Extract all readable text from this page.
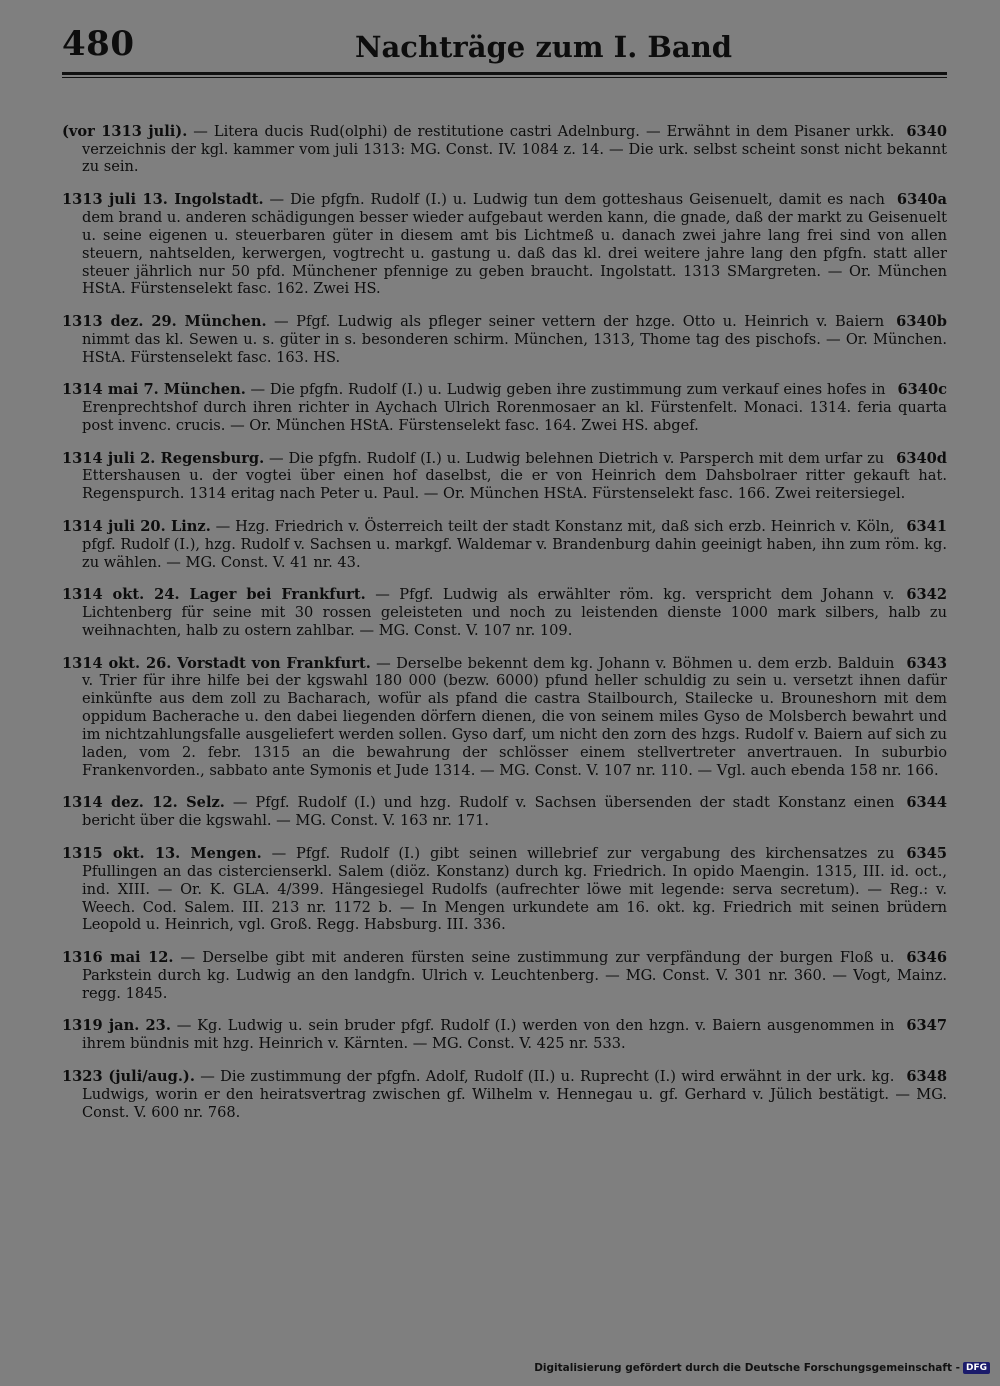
480	Nachträge zum I. Band

6340
(vor 1313 juli). — Litera ducis Rud(olphi) de restitutione castri Adelnburg. — Erwähnt in dem Pisaner urkk. verzeichnis der kgl. kammer vom juli 1313: MG. Const. IV. 1084 z. 14. — Die urk. selbst scheint sonst nicht bekannt zu sein.

6340a
1313 juli 13. Ingolstadt. — Die pfgfn. Rudolf (I.) u. Ludwig tun dem gotteshaus Geisenuelt, damit es nach dem brand u. anderen schädigungen besser wieder aufgebaut werden kann, die gnade, daß der markt zu Geisenuelt u. seine eigenen u. steuerbaren güter in diesem amt bis Lichtmeß u. danach zwei jahre lang frei sind von allen steuern, nahtselden, kerwergen, vogtrecht u. gastung u. daß das kl. drei weitere jahre lang den pfgfn. statt aller steuer jährlich nur 50 pfd. Münchener pfennige zu geben braucht. Ingolstatt. 1313 SMargreten. — Or. München HStA. Fürstenselekt fasc. 162. Zwei HS.

6340b
1313 dez. 29. München. — Pfgf. Ludwig als pfleger seiner vettern der hzge. Otto u. Heinrich v. Baiern nimmt das kl. Sewen u. s. güter in s. besonderen schirm. München, 1313, Thome tag des pischofs. — Or. München. HStA. Fürstenselekt fasc. 163. HS.

6340c
1314 mai 7. München. — Die pfgfn. Rudolf (I.) u. Ludwig geben ihre zustimmung zum verkauf eines hofes in Erenprechtshof durch ihren richter in Aychach Ulrich Rorenmosaer an kl. Fürstenfelt. Monaci. 1314. feria quarta post invenc. crucis. — Or. München HStA. Fürstenselekt fasc. 164. Zwei HS. abgef.

6340d
1314 juli 2. Regensburg. — Die pfgfn. Rudolf (I.) u. Ludwig belehnen Dietrich v. Parsperch mit dem urfar zu Ettershausen u. der vogtei über einen hof daselbst, die er von Heinrich dem Dahsbolraer ritter gekauft hat. Regenspurch. 1314 eritag nach Peter u. Paul. — Or. München HStA. Fürstenselekt fasc. 166. Zwei reitersiegel.

6341
1314 juli 20. Linz. — Hzg. Friedrich v. Österreich teilt der stadt Konstanz mit, daß sich erzb. Heinrich v. Köln, pfgf. Rudolf (I.), hzg. Rudolf v. Sachsen u. markgf. Waldemar v. Brandenburg dahin geeinigt haben, ihn zum röm. kg. zu wählen. — MG. Const. V. 41 nr. 43.

6342
1314 okt. 24. Lager bei Frankfurt. — Pfgf. Ludwig als erwählter röm. kg. verspricht dem Johann v. Lichtenberg für seine mit 30 rossen geleisteten und noch zu leistenden dienste 1000 mark silbers, halb zu weihnachten, halb zu ostern zahlbar. — MG. Const. V. 107 nr. 109.

6343
1314 okt. 26. Vorstadt von Frankfurt. — Derselbe bekennt dem kg. Johann v. Böhmen u. dem erzb. Balduin v. Trier für ihre hilfe bei der kgswahl 180 000 (bezw. 6000) pfund heller schuldig zu sein u. versetzt ihnen dafür einkünfte aus dem zoll zu Bacharach, wofür als pfand die castra Stailbourch, Stailecke u. Brouneshorn mit dem oppidum Bacherache u. den dabei liegenden dörfern dienen, die von seinem miles Gyso de Molsberch bewahrt und im nichtzahlungsfalle ausgeliefert werden sollen. Gyso darf, um nicht den zorn des hzgs. Rudolf v. Baiern auf sich zu laden, vom 2. febr. 1315 an die bewahrung der schlösser einem stellvertreter anvertrauen. In suburbio Frankenvorden., sabbato ante Symonis et Jude 1314. — MG. Const. V. 107 nr. 110. — Vgl. auch ebenda 158 nr. 166.

6344
1314 dez. 12. Selz. — Pfgf. Rudolf (I.) und hzg. Rudolf v. Sachsen übersenden der stadt Konstanz einen bericht über die kgswahl. — MG. Const. V. 163 nr. 171.

6345
1315 okt. 13. Mengen. — Pfgf. Rudolf (I.) gibt seinen willebrief zur vergabung des kirchensatzes zu Pfullingen an das cistercienserkl. Salem (diöz. Konstanz) durch kg. Friedrich. In opido Maengin. 1315, III. id. oct., ind. XIII. — Or. K. GLA. 4/399. Hängesiegel Rudolfs (aufrechter löwe mit legende: serva secretum). — Reg.: v. Weech. Cod. Salem. III. 213 nr. 1172 b. — In Mengen urkundete am 16. okt. kg. Friedrich mit seinen brüdern Leopold u. Heinrich, vgl. Groß. Regg. Habsburg. III. 336.

6346
1316 mai 12. — Derselbe gibt mit anderen fürsten seine zustimmung zur verpfändung der burgen Floß u. Parkstein durch kg. Ludwig an den landgfn. Ulrich v. Leuchtenberg. — MG. Const. V. 301 nr. 360. — Vogt, Mainz. regg. 1845.

6347
1319 jan. 23. — Kg. Ludwig u. sein bruder pfgf. Rudolf (I.) werden von den hzgn. v. Baiern ausgenommen in ihrem bündnis mit hzg. Heinrich v. Kärnten. — MG. Const. V. 425 nr. 533.

6348
1323 (juli/aug.). — Die zustimmung der pfgfn. Adolf, Rudolf (II.) u. Ruprecht (I.) wird erwähnt in der urk. kg. Ludwigs, worin er den heiratsvertrag zwischen gf. Wilhelm v. Hennegau u. gf. Gerhard v. Jülich bestätigt. — MG. Const. V. 600 nr. 768.

Digitalisierung gefördert durch die Deutsche Forschungsgemeinschaft - DFG
